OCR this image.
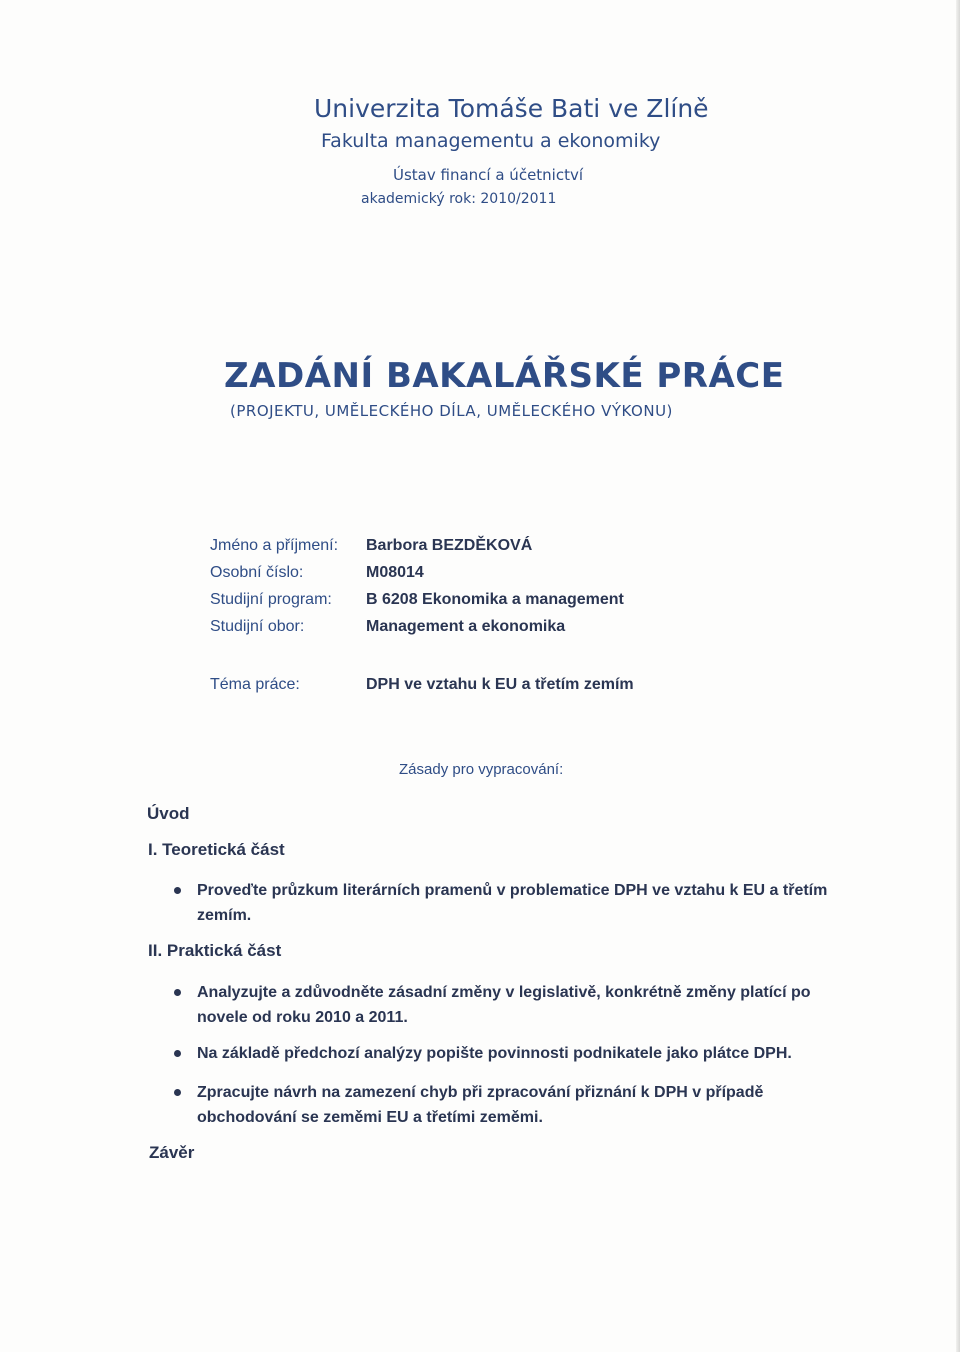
Univerzita Tomáše Bati ve Zlíně
Fakulta managementu a ekonomiky
Ústav financí a účetnictví
akademický rok: 2010/2011
ZADÁNÍ BAKALÁŘSKÉ PRÁCE
(PROJEKTU, UMĚLECKÉHO DÍLA, UMĚLECKÉHO VÝKONU)
Jméno a příjmení: Barbora BEZDĚKOVÁ
Osobní číslo:	M08014
Studijní program: B 6208 Ekonomika a management
Studijní obor:	Management a ekonomika
Téma práce:	DPH ve vztahu k EU a třetím zemím
Zásady pro vypracování:
Úvod
I. Teoretická část
Proveďte průzkum literárních pramenů v problematice DPH ve vztahu k EU a třetím zemím.
II. Praktická část
Analyzujte a zdůvodněte zásadní změny v legislativě, konkrétně změny platící po novele od roku 2010 a 2011.
Na základě předchozí analýzy popište povinnosti podnikatele jako plátce DPH.
Zpracujte návrh na zamezení chyb při zpracování přiznání k DPH v případě obchodování se zeměmi EU a třetími zeměmi.
Závěr
